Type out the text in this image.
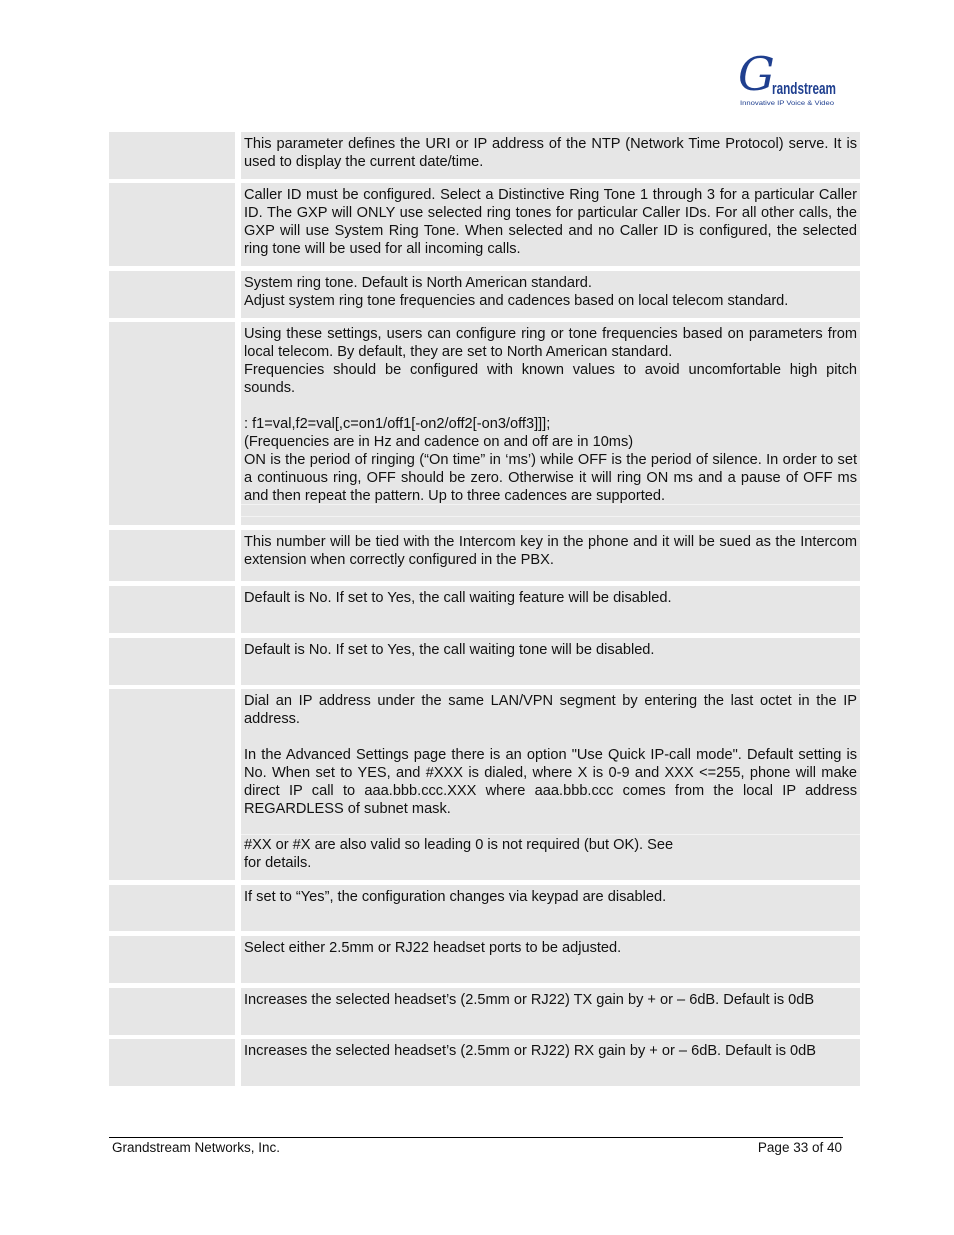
G
randstream
Innovative IP Voice & Video

This parameter defines the URI or IP address of the NTP (Network Time Protocol) serve. It is used to display the current date/time.

Caller ID must be configured. Select a Distinctive Ring Tone 1 through 3 for a particular Caller ID. The GXP will ONLY use selected ring tones for particular Caller IDs. For all other calls, the GXP will use System Ring Tone. When selected and no Caller ID is configured, the selected ring tone will be used for all incoming calls.

System ring tone. Default is North American standard.
Adjust system ring tone frequencies and cadences based on local telecom standard.

Using these settings, users can configure ring or tone frequencies based on parameters from local telecom. By default, they are set to North American standard.
Frequencies should be configured with known values to avoid uncomfortable high pitch sounds.

: f1=val,f2=val[,c=on1/off1[-on2/off2[-on3/off3]]];
(Frequencies are in Hz and cadence on and off are in 10ms)
ON is the period of ringing (“On time” in ‘ms’) while OFF is the period of silence. In order to set a continuous ring, OFF should be zero. Otherwise it will ring ON ms and a pause of OFF ms and then repeat the pattern. Up to three cadences are supported.

This number will be tied with the Intercom key in the phone and it will be sued as the Intercom extension when correctly configured in the PBX.

Default is No. If set to Yes, the call waiting feature will be disabled.

Default is No. If set to Yes, the call waiting tone will be disabled.

Dial an IP address under the same LAN/VPN segment by entering the last octet in the IP address.

In the Advanced Settings page there is an option "Use Quick IP-call mode". Default setting is No. When set to YES, and #XXX is dialed, where X is 0-9 and XXX <=255, phone will make direct IP call to aaa.bbb.ccc.XXX where aaa.bbb.ccc comes from the local IP address REGARDLESS of subnet mask.

#XX or #X are also valid so leading 0 is not required (but OK). See
for details.

If set to “Yes”, the configuration changes via keypad are disabled.

Select either 2.5mm or RJ22 headset ports to be adjusted.

Increases the selected headset’s (2.5mm or RJ22) TX gain by + or – 6dB. Default is 0dB

Increases the selected headset’s (2.5mm or RJ22) RX gain by + or – 6dB. Default is 0dB

Grandstream Networks, Inc.	Page 33 of 40
